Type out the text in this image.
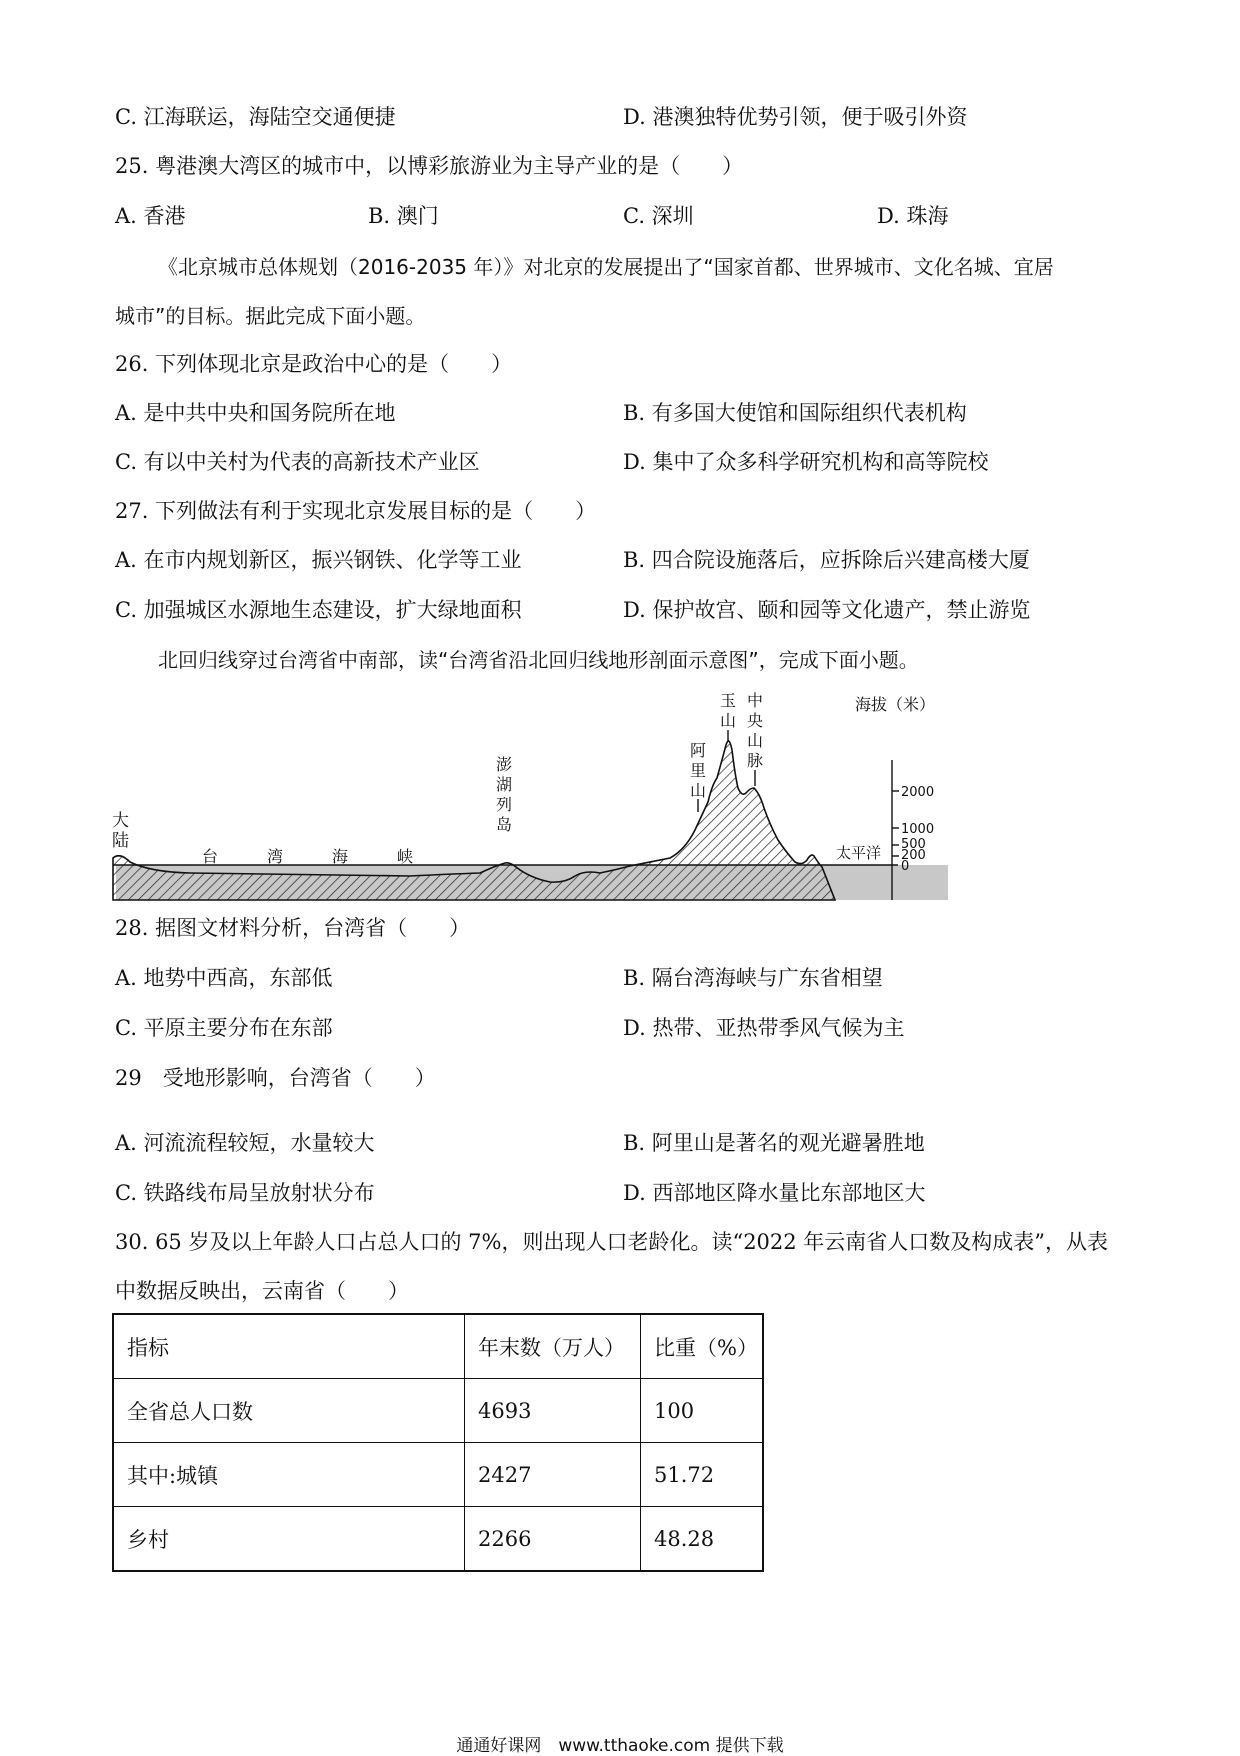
C. 江海联运，海陆空交通便捷	D. 港澳独特优势引领，便于吸引外资
25. 粤港澳大湾区的城市中，以博彩旅游业为主导产业的是（　　）
A. 香港	B. 澳门	C. 深圳	D. 珠海
《北京城市总体规划（2016-2035 年）》对北京的发展提出了“国家首都、世界城市、文化名城、宜居
城市”的目标。据此完成下面小题。
26. 下列体现北京是政治中心的是（　　）
A. 是中共中央和国务院所在地	B. 有多国大使馆和国际组织代表机构
C. 有以中关村为代表的高新技术产业区	D. 集中了众多科学研究机构和高等院校
27. 下列做法有利于实现北京发展目标的是（　　）
A. 在市内规划新区，振兴钢铁、化学等工业	B. 四合院设施落后，应拆除后兴建高楼大厦
C. 加强城区水源地生态建设，扩大绿地面积	D. 保护故宫、颐和园等文化遗产，禁止游览
北回归线穿过台湾省中南部，读“台湾省沿北回归线地形剖面示意图”，完成下面小题。
2000
1000
500
200
0
海拔（米）
大
陆
台	湾	海	峡
澎
湖
列
岛
阿
里
山
玉
山
中
央
山
脉
太平洋
28. 据图文材料分析，台湾省（　　）
A. 地势中西高，东部低	B. 隔台湾海峡与广东省相望
C. 平原主要分布在东部	D. 热带、亚热带季风气候为主
29　受地形影响，台湾省（　　）
A. 河流流程较短，水量较大	B. 阿里山是著名的观光避暑胜地
C. 铁路线布局呈放射状分布	D. 西部地区降水量比东部地区大
30. 65 岁及以上年龄人口占总人口的 7%，则出现人口老龄化。读“2022 年云南省人口数及构成表”，从表
中数据反映出，云南省（　　）
指标	年末数（万人）	比重（%）
全省总人口数	4693	100
其中:城镇	2427	51.72
乡村	2266	48.28
通通好课网　www.tthaoke.com 提供下载
